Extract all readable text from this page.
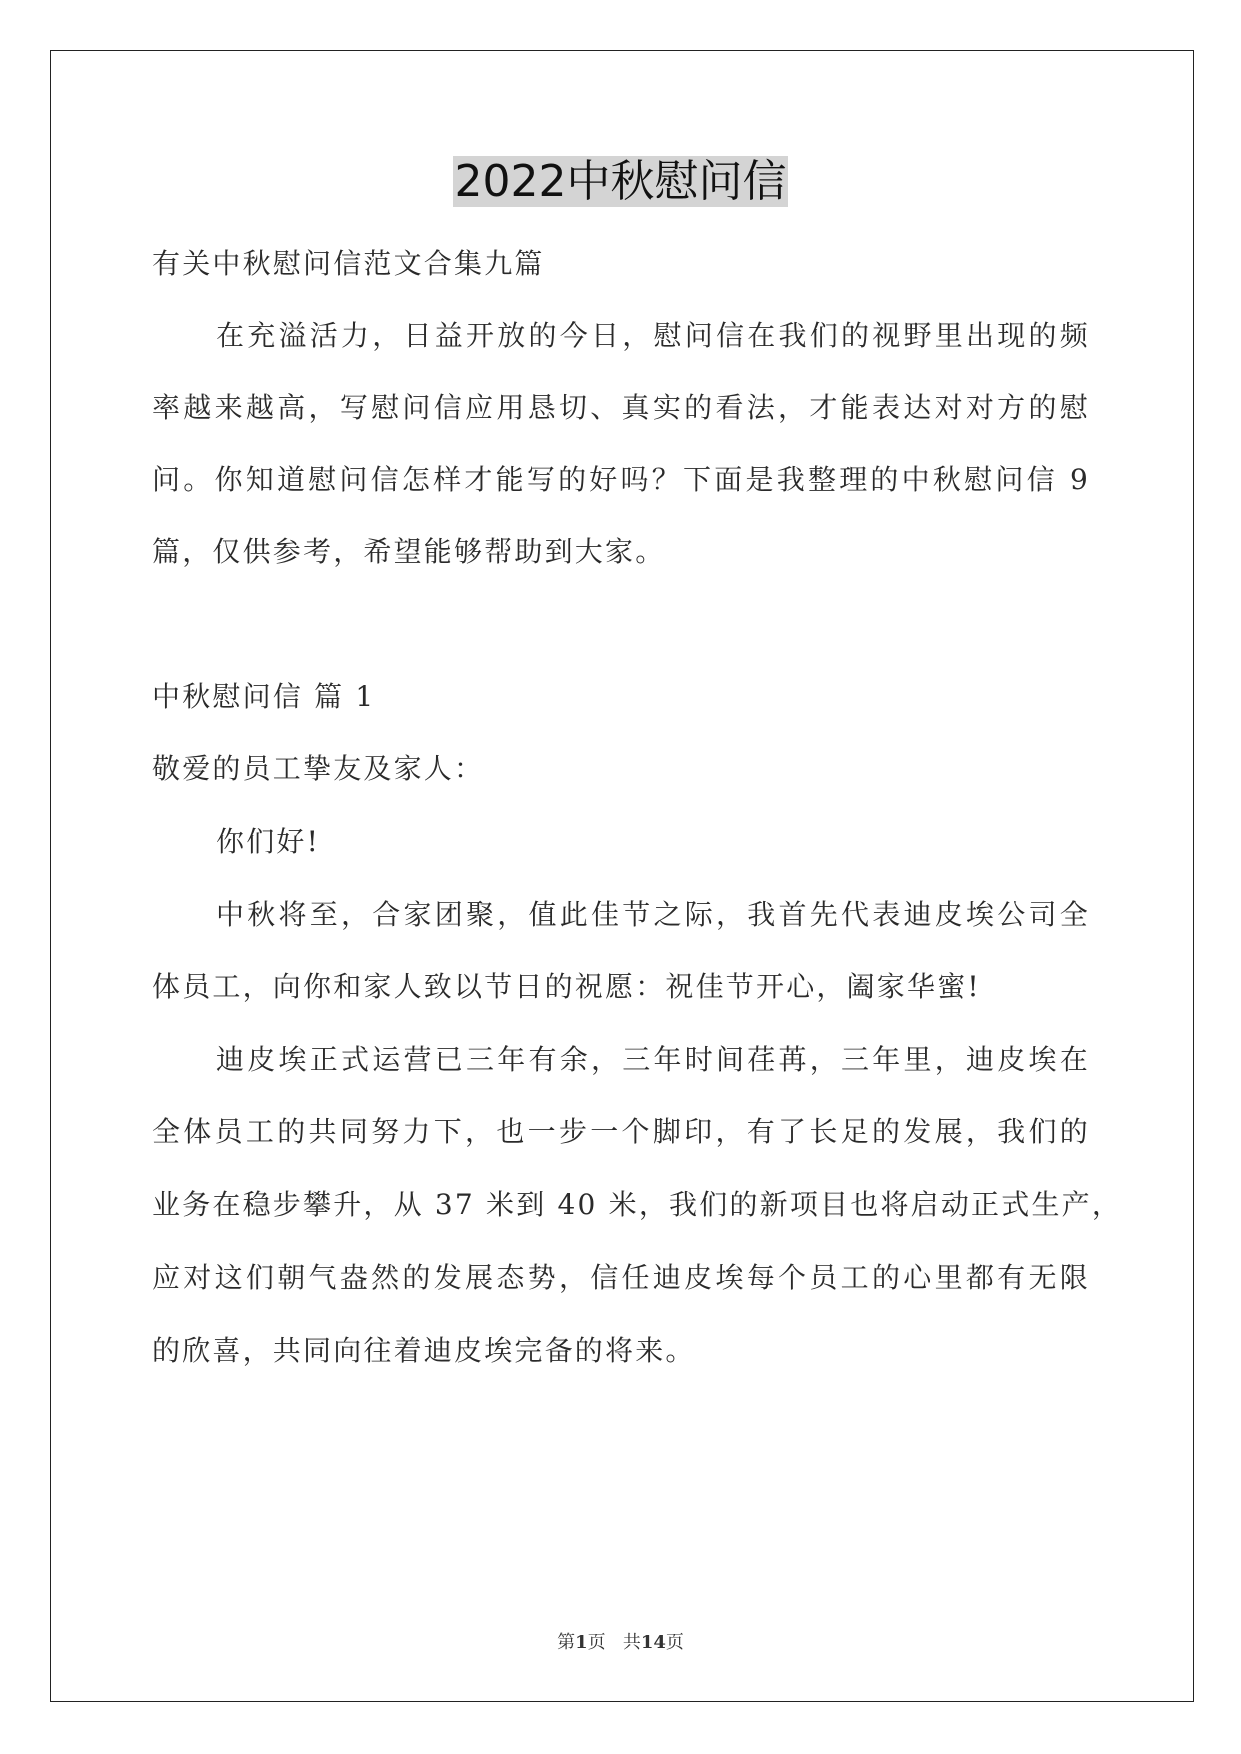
2022中秋慰问信
有关中秋慰问信范文合集九篇
在充溢活力，日益开放的今日，慰问信在我们的视野里出现的频
率越来越高，写慰问信应用恳切、真实的看法，才能表达对对方的慰
问。你知道慰问信怎样才能写的好吗？下面是我整理的中秋慰问信 9
篇，仅供参考，希望能够帮助到大家。
中秋慰问信 篇 1
敬爱的员工挚友及家人：
你们好!
中秋将至，合家团聚，值此佳节之际，我首先代表迪皮埃公司全
体员工，向你和家人致以节日的祝愿：祝佳节开心，阖家华蜜!
迪皮埃正式运营已三年有余，三年时间荏苒，三年里，迪皮埃在
全体员工的共同努力下，也一步一个脚印，有了长足的发展，我们的
业务在稳步攀升，从 37 米到 40 米，我们的新项目也将启动正式生产，
应对这们朝气盎然的发展态势，信任迪皮埃每个员工的心里都有无限
的欣喜，共同向往着迪皮埃完备的将来。
第1页 共14页
